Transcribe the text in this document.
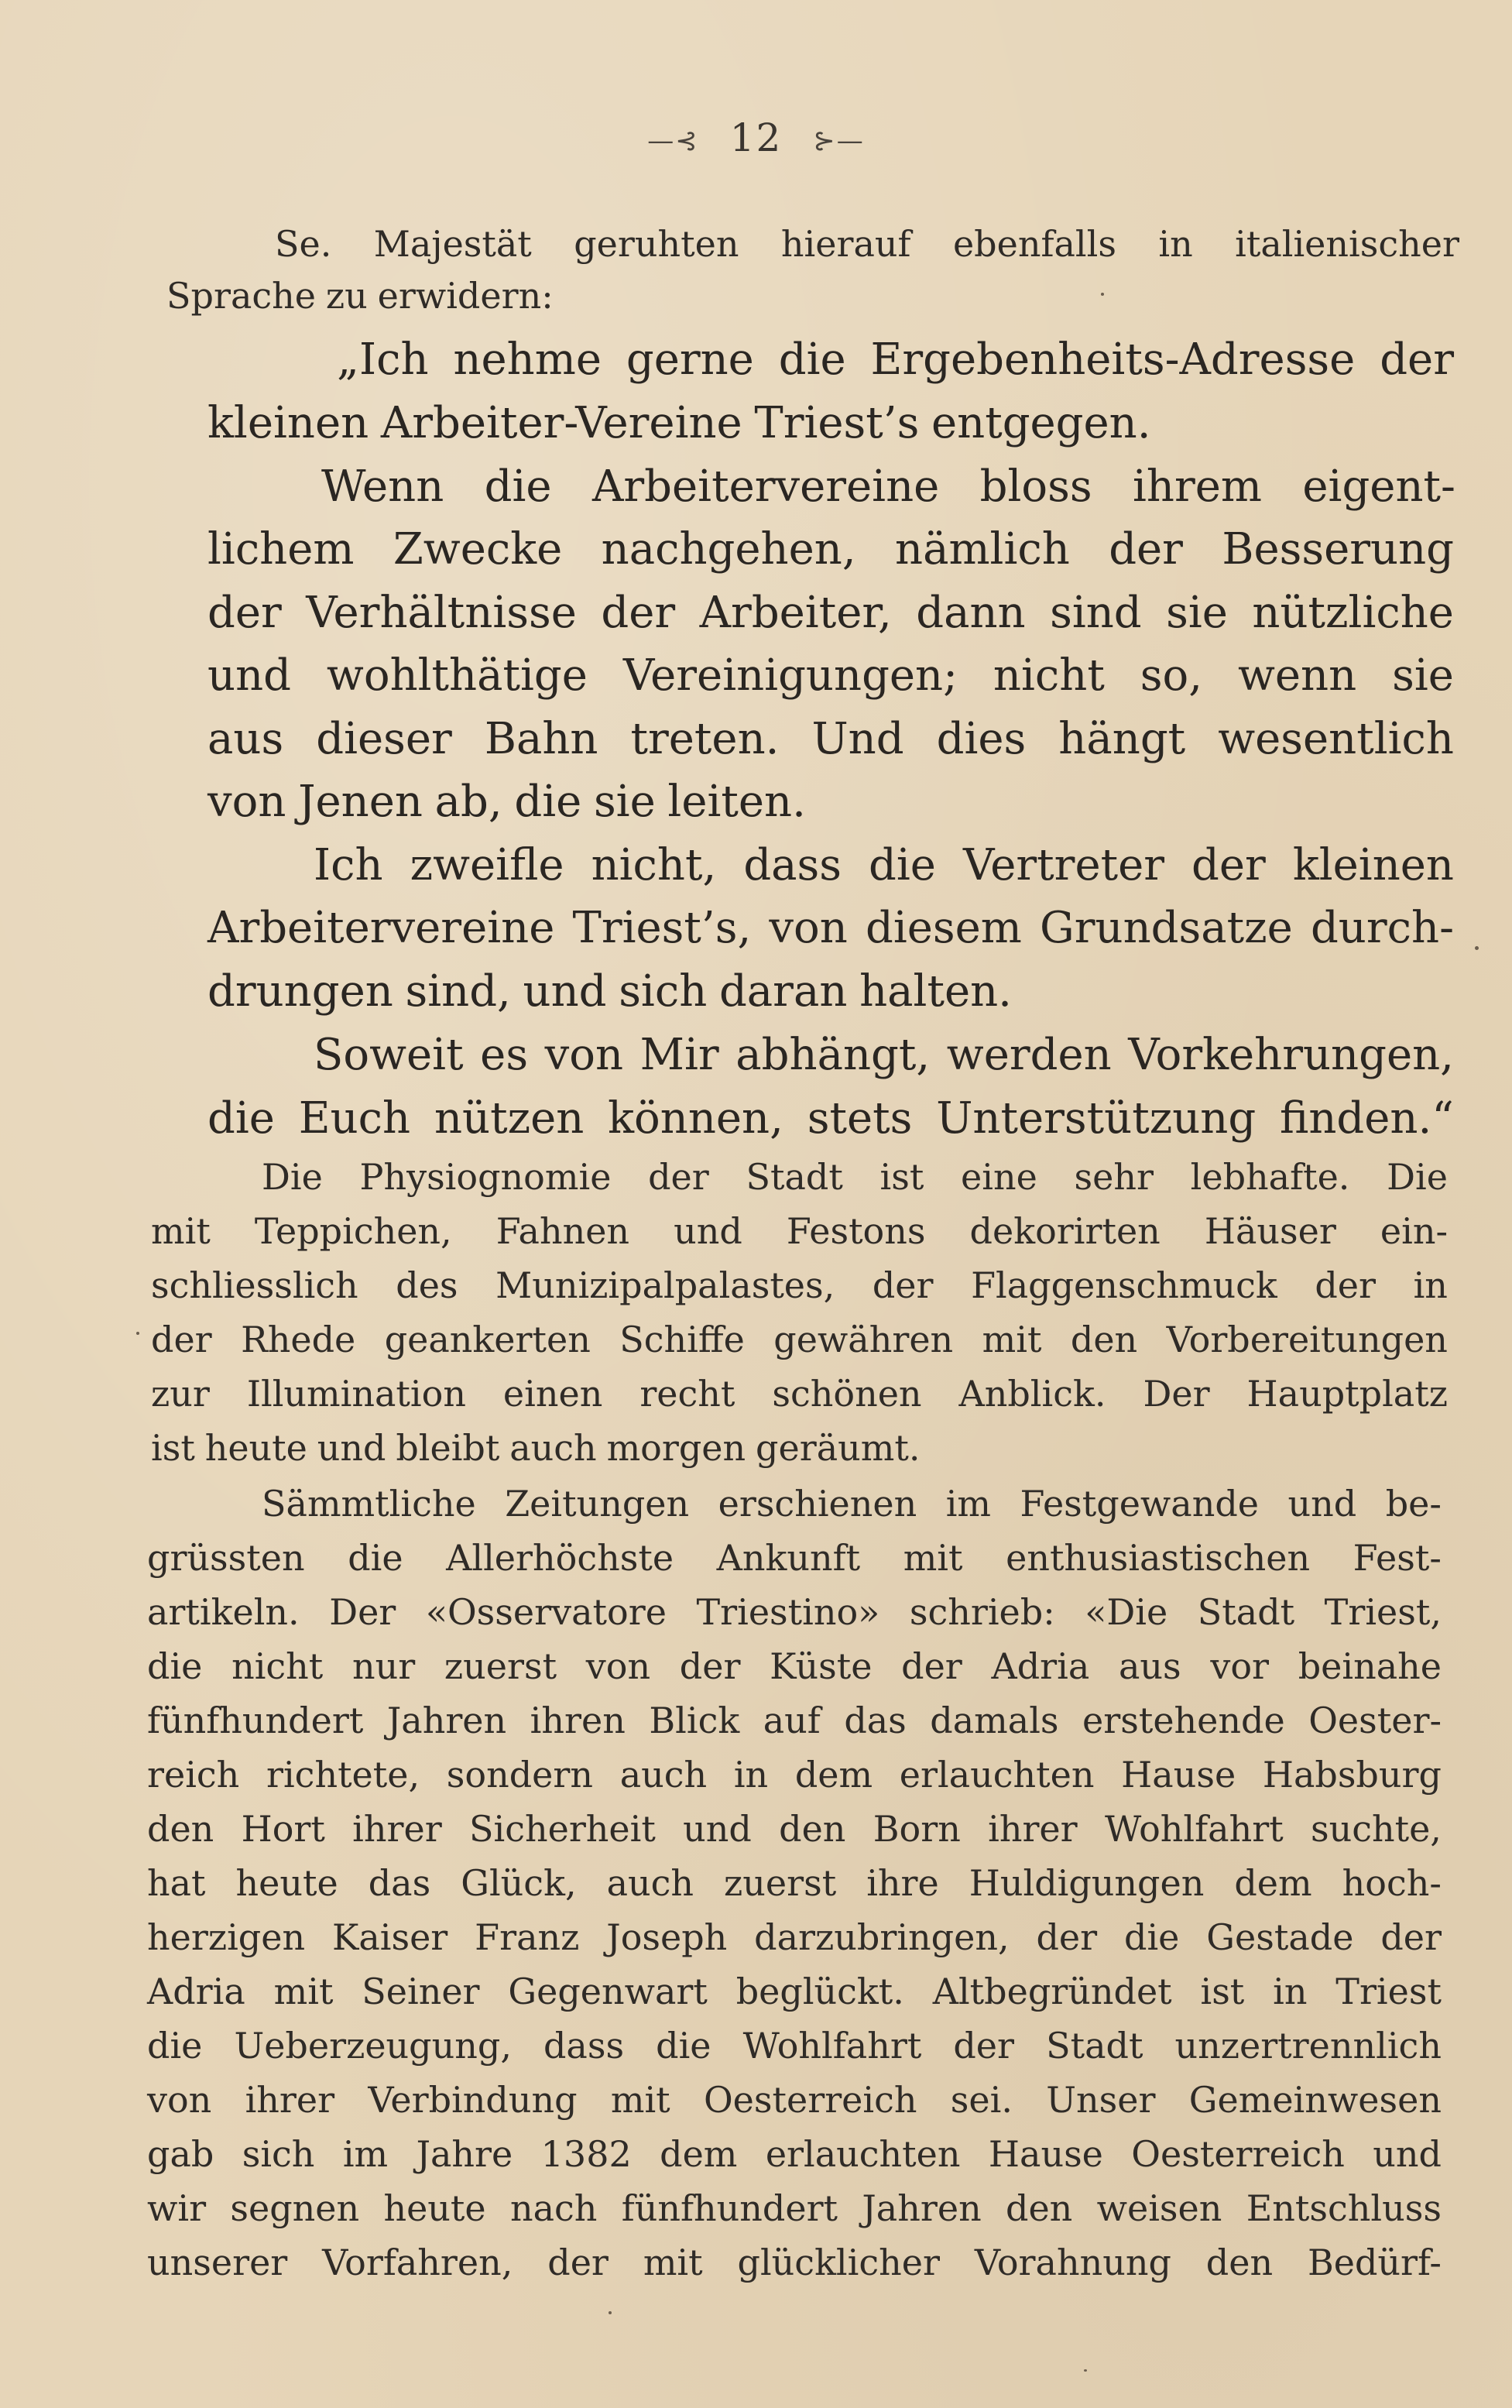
—⊰ 12 ⊱—
Se. Majestät geruhten hierauf ebenfalls in italienischer
Sprache zu erwidern:
„Ich nehme gerne die Ergebenheits-Adresse der
kleinen Arbeiter-Vereine Triest’s entgegen.
Wenn die Arbeitervereine bloss ihrem eigent-
lichem Zwecke nachgehen, nämlich der Besserung
der Verhältnisse der Arbeiter, dann sind sie nützliche
und wohlthätige Vereinigungen; nicht so, wenn sie
aus dieser Bahn treten. Und dies hängt wesentlich
von Jenen ab, die sie leiten.
Ich zweifle nicht, dass die Vertreter der kleinen
Arbeitervereine Triest’s, von diesem Grundsatze durch-
drungen sind, und sich daran halten.
Soweit es von Mir abhängt, werden Vorkehrungen,
die Euch nützen können, stets Unterstützung finden.“
Die Physiognomie der Stadt ist eine sehr lebhafte. Die
mit Teppichen, Fahnen und Festons dekorirten Häuser ein-
schliesslich des Munizipalpalastes, der Flaggenschmuck der in
der Rhede geankerten Schiffe gewähren mit den Vorbereitungen
zur Illumination einen recht schönen Anblick. Der Hauptplatz
ist heute und bleibt auch morgen geräumt.
Sämmtliche Zeitungen erschienen im Festgewande und be-
grüssten die Allerhöchste Ankunft mit enthusiastischen Fest-
artikeln. Der «Osservatore Triestino» schrieb: «Die Stadt Triest,
die nicht nur zuerst von der Küste der Adria aus vor beinahe
fünfhundert Jahren ihren Blick auf das damals erstehende Oester-
reich richtete, sondern auch in dem erlauchten Hause Habsburg
den Hort ihrer Sicherheit und den Born ihrer Wohlfahrt suchte,
hat heute das Glück, auch zuerst ihre Huldigungen dem hoch-
herzigen Kaiser Franz Joseph darzubringen, der die Gestade der
Adria mit Seiner Gegenwart beglückt. Altbegründet ist in Triest
die Ueberzeugung, dass die Wohlfahrt der Stadt unzertrennlich
von ihrer Verbindung mit Oesterreich sei. Unser Gemeinwesen
gab sich im Jahre 1382 dem erlauchten Hause Oesterreich und
wir segnen heute nach fünfhundert Jahren den weisen Entschluss
unserer Vorfahren, der mit glücklicher Vorahnung den Bedürf-
